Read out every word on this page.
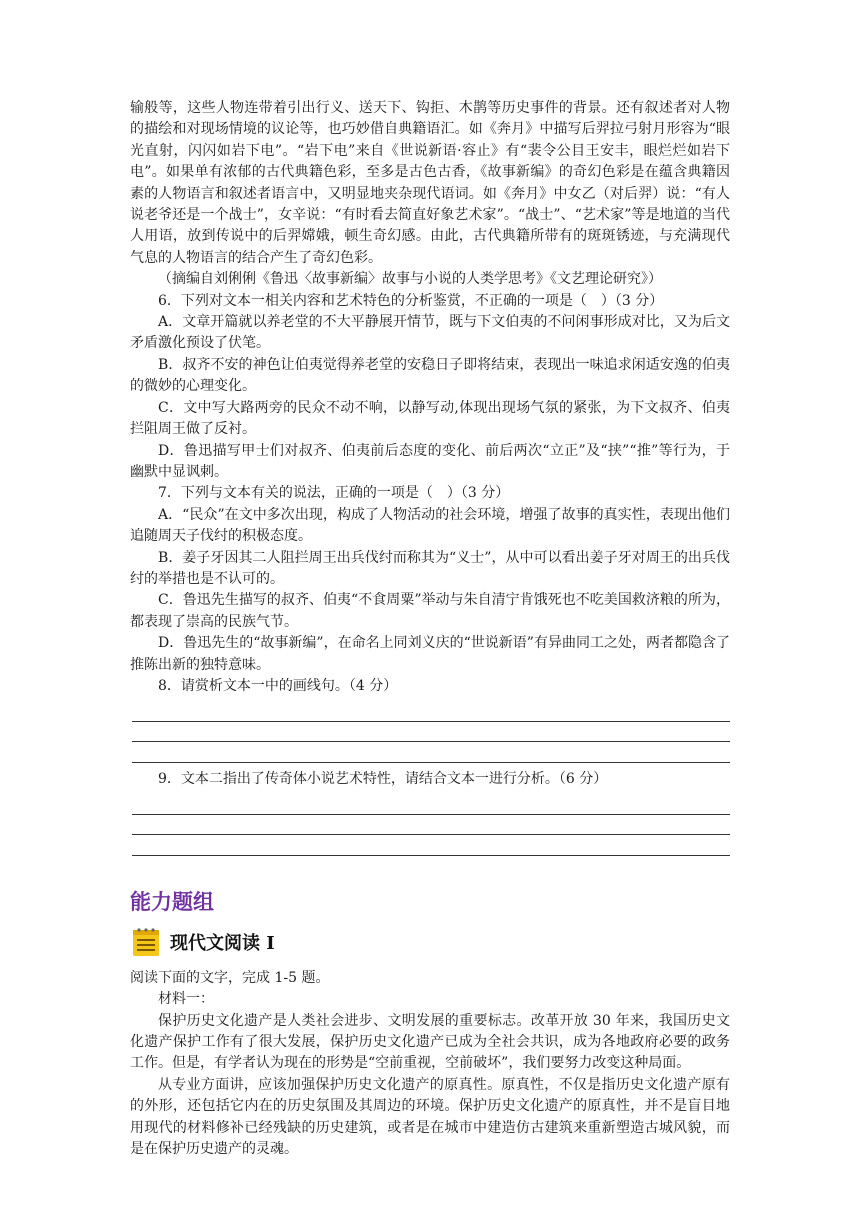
输般等，这些人物连带着引出行义、送天下、钩拒、木鹊等历史事件的背景。还有叙述者对人物的描绘和对现场情境的议论等，也巧妙借自典籍语汇。如《奔月》中描写后羿拉弓射月形容为“眼光直射，闪闪如岩下电”。“岩下电”来自《世说新语·容止》有“裴令公目王安丰，眼烂烂如岩下电”。如果单有浓郁的古代典籍色彩，至多是古色古香，《故事新编》的奇幻色彩是在蕴含典籍因素的人物语言和叙述者语言中，又明显地夹杂现代语词。如《奔月》中女乙（对后羿）说：“有人说老爷还是一个战士”，女辛说：“有时看去简直好象艺术家”。“战士”、“艺术家”等是地道的当代人用语，放到传说中的后羿嫦娥，顿生奇幻感。由此，古代典籍所带有的斑斑锈迹，与充满现代气息的人物语言的结合产生了奇幻色彩。

（摘编自刘俐俐《鲁迅〈故事新编〉故事与小说的人类学思考》《文艺理论研究》）

6．下列对文本一相关内容和艺术特色的分析鉴赏，不正确的一项是（　）（3 分）

A．文章开篇就以养老堂的不大平静展开情节，既与下文伯夷的不问闲事形成对比，又为后文矛盾激化预设了伏笔。

B．叔齐不安的神色让伯夷觉得养老堂的安稳日子即将结束，表现出一味追求闲适安逸的伯夷的微妙的心理变化。

C．文中写大路两旁的民众不动不响，以静写动,体现出现场气氛的紧张，为下文叔齐、伯夷拦阻周王做了反衬。

D．鲁迅描写甲士们对叔齐、伯夷前后态度的变化、前后两次“立正”及“挟”“推”等行为，于幽默中显讽刺。

7．下列与文本有关的说法，正确的一项是（　）（3 分）

A．“民众”在文中多次出现，构成了人物活动的社会环境，增强了故事的真实性，表现出他们追随周天子伐纣的积极态度。

B．姜子牙因其二人阻拦周王出兵伐纣而称其为“义士”，从中可以看出姜子牙对周王的出兵伐纣的举措也是不认可的。

C．鲁迅先生描写的叔齐、伯夷“不食周粟”举动与朱自清宁肯饿死也不吃美国救济粮的所为，都表现了崇高的民族气节。

D．鲁迅先生的“故事新编”，在命名上同刘义庆的“世说新语”有异曲同工之处，两者都隐含了推陈出新的独特意味。

8．请赏析文本一中的画线句。（4 分）

9．文本二指出了传奇体小说艺术特性，请结合文本一进行分析。（6 分）

能力题组
现代文阅读 I

阅读下面的文字，完成 1-5 题。

材料一：

保护历史文化遗产是人类社会进步、文明发展的重要标志。改革开放 30 年来，我国历史文化遗产保护工作有了很大发展，保护历史文化遗产已成为全社会共识，成为各地政府必要的政务工作。但是，有学者认为现在的形势是“空前重视，空前破坏”，我们要努力改变这种局面。

从专业方面讲，应该加强保护历史文化遗产的原真性。原真性，不仅是指历史文化遗产原有的外形，还包括它内在的历史氛围及其周边的环境。保护历史文化遗产的原真性，并不是盲目地用现代的材料修补已经残缺的历史建筑，或者是在城市中建造仿古建筑来重新塑造古城风貌，而是在保护历史遗产的灵魂。
